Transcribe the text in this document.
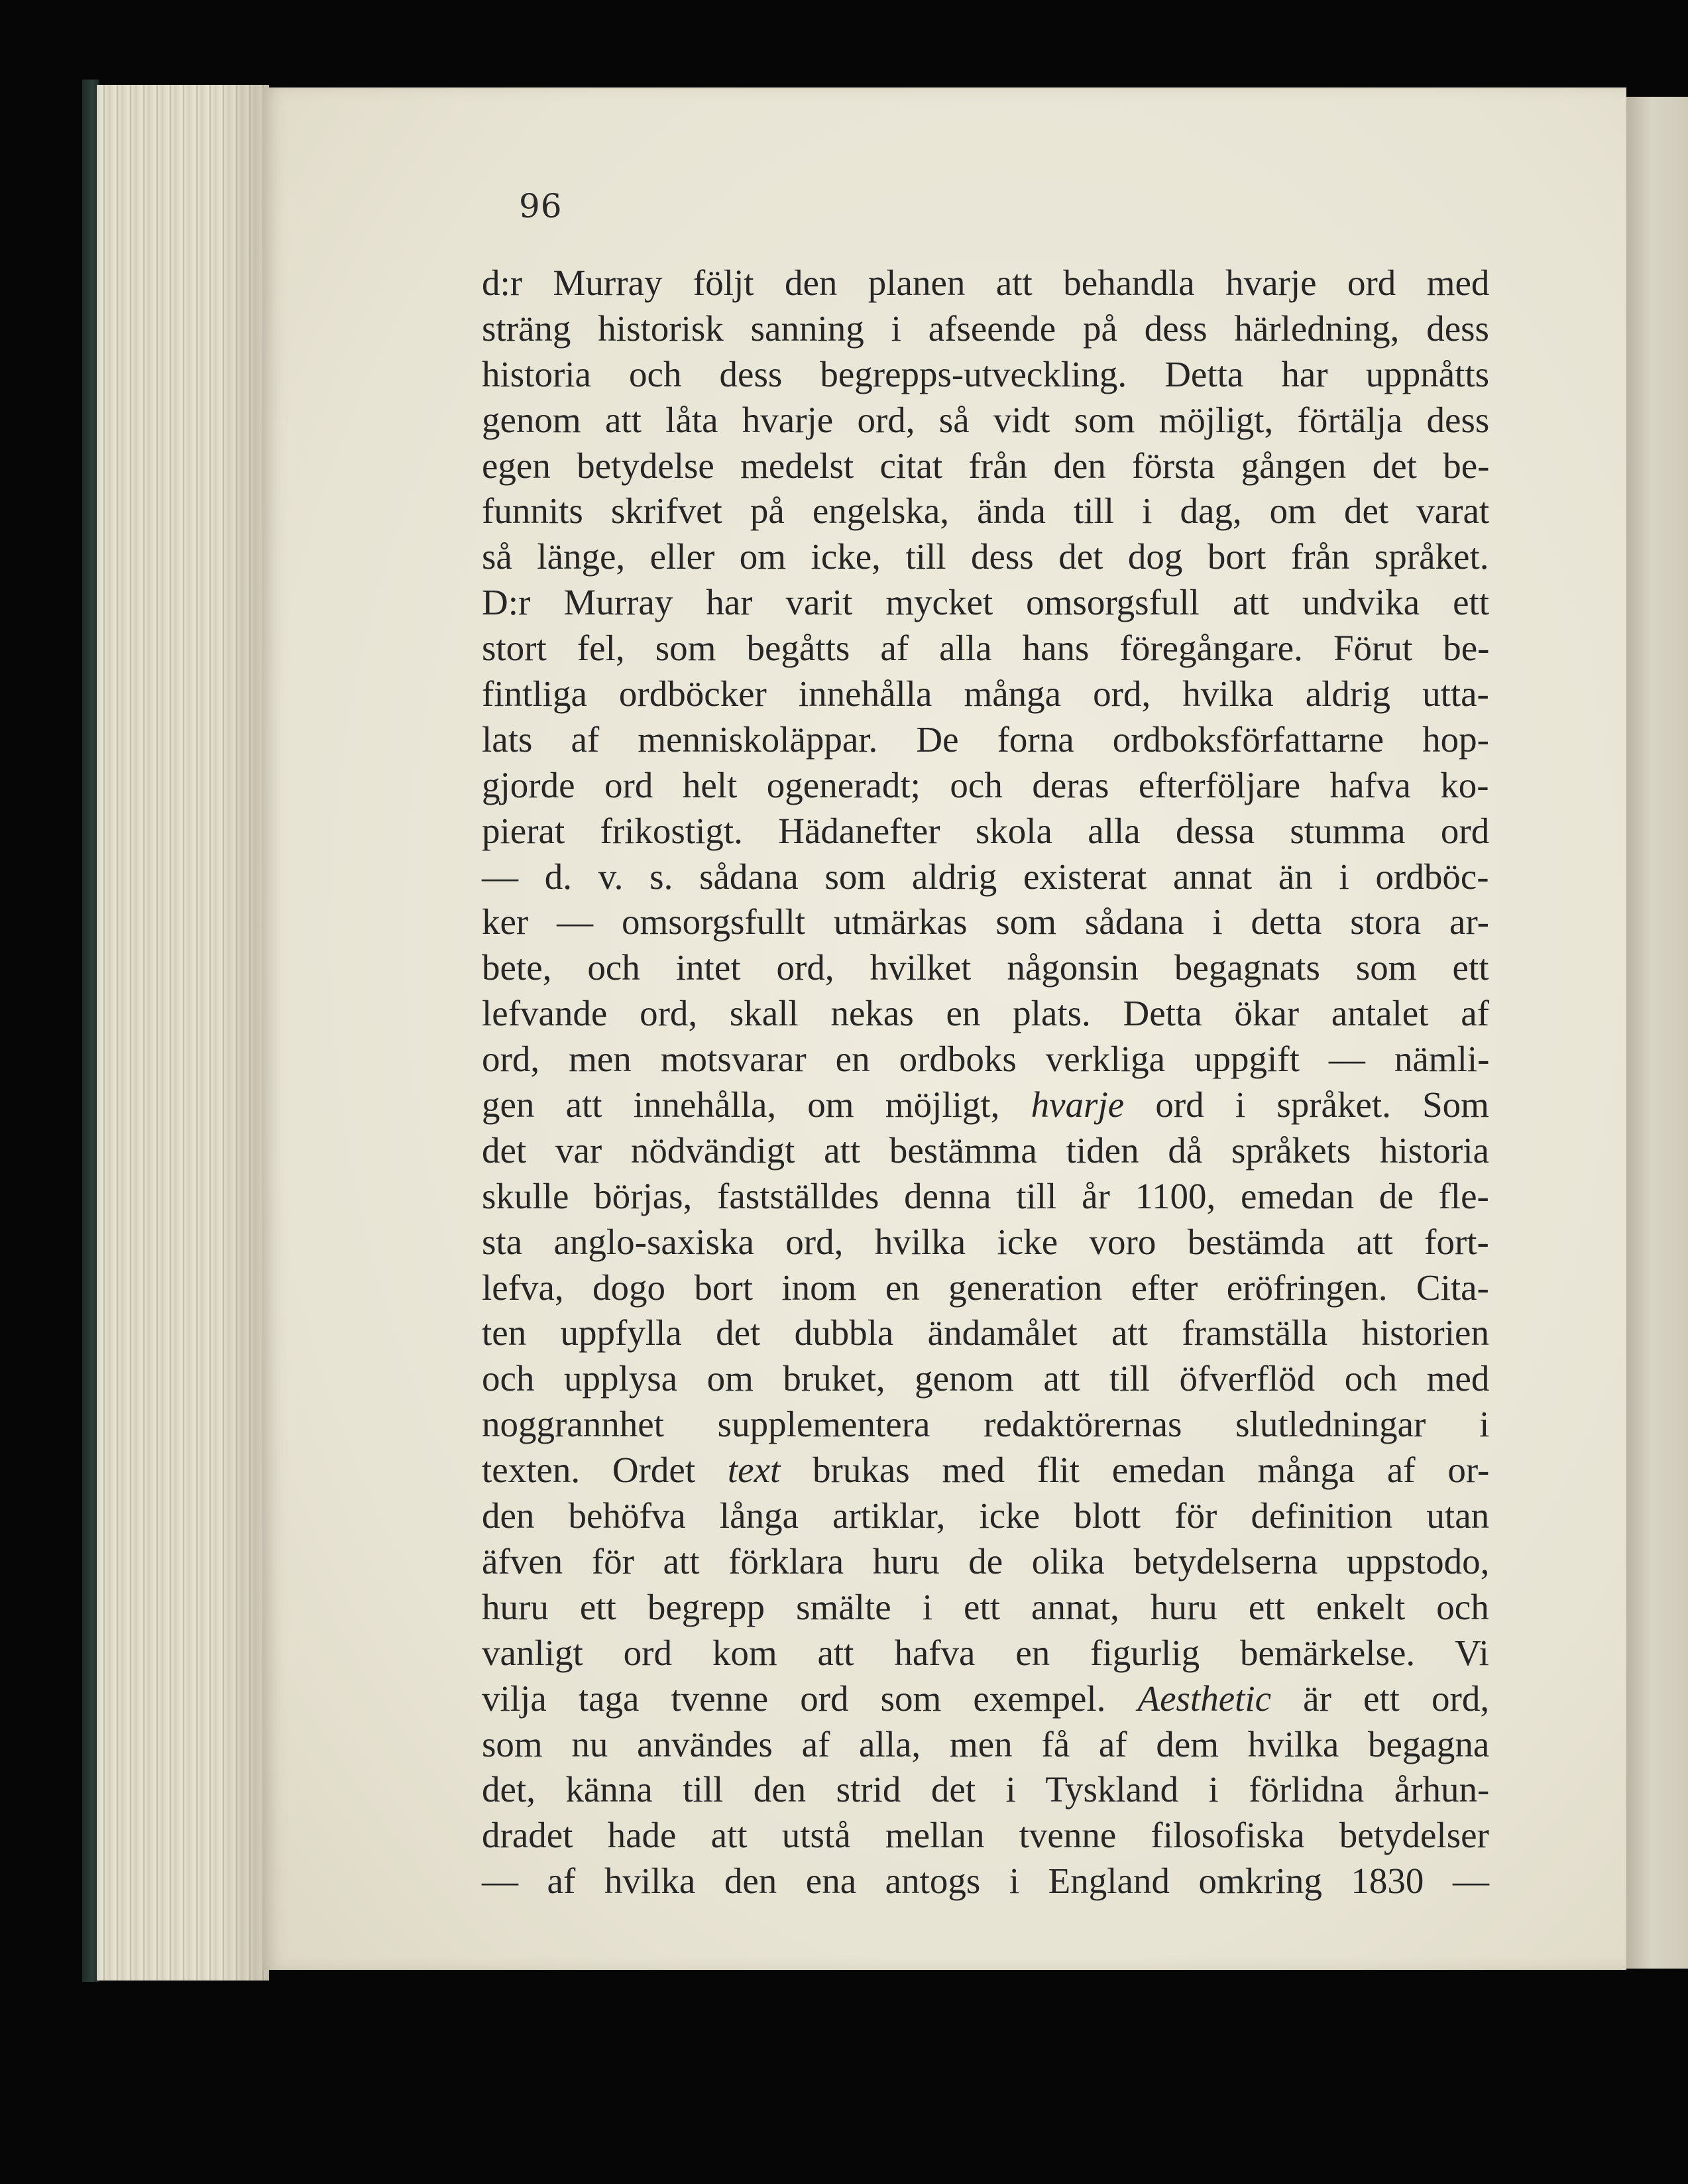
96
d:r Murray följt den planen att behandla hvarje ord med
sträng historisk sanning i afseende på dess härledning, dess
historia och dess begrepps-utveckling. Detta har uppnåtts
genom att låta hvarje ord, så vidt som möjligt, förtälja dess
egen betydelse medelst citat från den första gången det be-
funnits skrifvet på engelska, ända till i dag, om det varat
så länge, eller om icke, till dess det dog bort från språket.
D:r Murray har varit mycket omsorgsfull att undvika ett
stort fel, som begåtts af alla hans föregångare. Förut be-
fintliga ordböcker innehålla många ord, hvilka aldrig utta-
lats af menniskoläppar. De forna ordboksförfattarne hop-
gjorde ord helt ogeneradt; och deras efterföljare hafva ko-
pierat frikostigt. Hädanefter skola alla dessa stumma ord
— d. v. s. sådana som aldrig existerat annat än i ordböc-
ker — omsorgsfullt utmärkas som sådana i detta stora ar-
bete, och intet ord, hvilket någonsin begagnats som ett
lefvande ord, skall nekas en plats. Detta ökar antalet af
ord, men motsvarar en ordboks verkliga uppgift — nämli-
gen att innehålla, om möjligt, hvarje ord i språket. Som
det var nödvändigt att bestämma tiden då språkets historia
skulle börjas, fastställdes denna till år 1100, emedan de fle-
sta anglo-saxiska ord, hvilka icke voro bestämda att fort-
lefva, dogo bort inom en generation efter eröfringen. Cita-
ten uppfylla det dubbla ändamålet att framställa historien
och upplysa om bruket, genom att till öfverflöd och med
noggrannhet supplementera redaktörernas slutledningar i
texten. Ordet text brukas med flit emedan många af or-
den behöfva långa artiklar, icke blott för definition utan
äfven för att förklara huru de olika betydelserna uppstodo,
huru ett begrepp smälte i ett annat, huru ett enkelt och
vanligt ord kom att hafva en figurlig bemärkelse. Vi
vilja taga tvenne ord som exempel. Aesthetic är ett ord,
som nu användes af alla, men få af dem hvilka begagna
det, känna till den strid det i Tyskland i förlidna århun-
dradet hade att utstå mellan tvenne filosofiska betydelser
— af hvilka den ena antogs i England omkring 1830 —
